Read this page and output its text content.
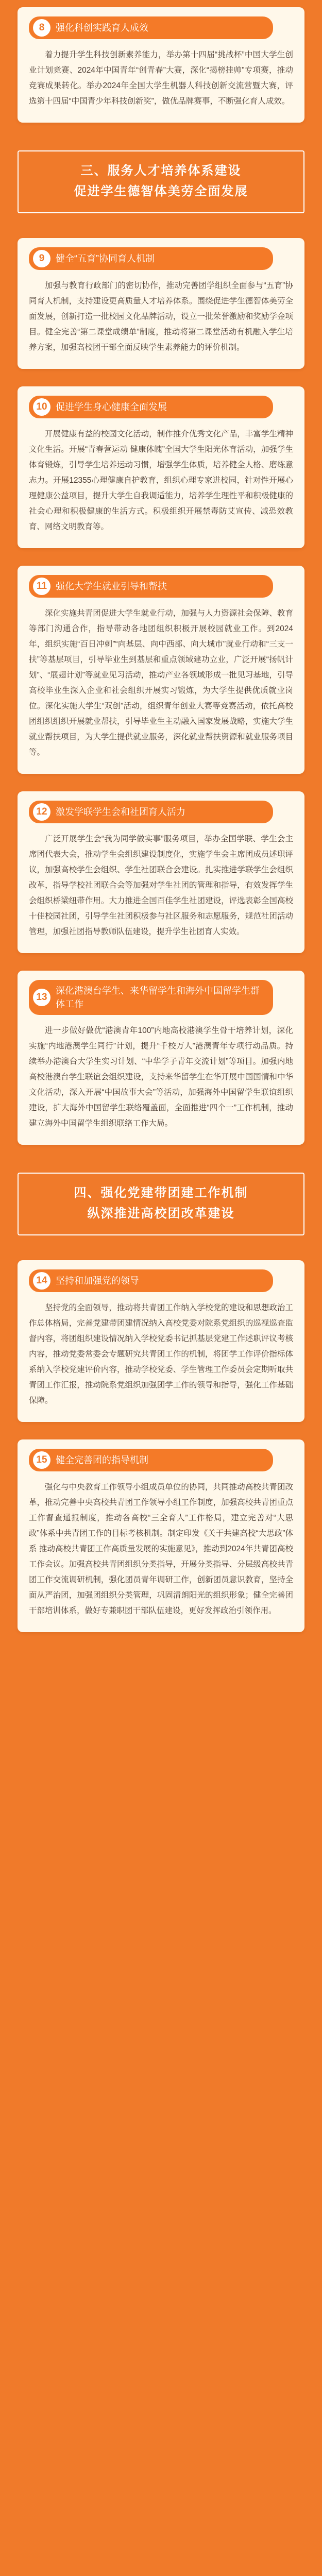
8	强化科创实践育人成效

着力提升学生科技创新素养能力，举办第十四届“挑战杯”中国大学生创业计划竞赛、2024年中国青年“创青春”大赛，深化“揭榜挂帅”专项赛，推动竞赛成果转化。举办2024年全国大学生机器人科技创新交流营暨大赛，评选第十四届“中国青少年科技创新奖”，做优品牌赛事，不断强化育人成效。

三、服务人才培养体系建设
促进学生德智体美劳全面发展
9	健全“五育”协同育人机制

加强与教育行政部门的密切协作，推动完善团学组织全面参与“五育”协同育人机制，支持建设更高质量人才培养体系。围绕促进学生德智体美劳全面发展，创新打造一批校园文化品牌活动，设立一批荣誉激励和奖励学金项目。健全完善“第二课堂成绩单”制度，推动将第二课堂活动有机融入学生培养方案，加强高校团干部全面反映学生素养能力的评价机制。

10 促进学生身心健康全面发展

开展健康有益的校园文化活动，制作推介优秀文化产品，丰富学生精神文化生活。开展“青春营运动 健康体魄”全国大学生阳光体育活动，加强学生体育锻炼，引导学生培养运动习惯，增强学生体质，培养健全人格、磨练意志力。开展12355心理健康自护教育，组织心理专家进校园，针对性开展心理健康公益项目，提升大学生自我调适能力，培养学生理性平和积极健康的社会心理和积极健康的生活方式。积极组织开展禁毒防艾宣传、减恐效教育、网络文明教育等。

11 强化大学生就业引导和帮扶

深化实施共青团促进大学生就业行动，加强与人力资源社会保障、教育等部门沟通合作，指导带动各地团组织积极开展校园就业工作。到2024年，组织实施“百日冲刺”“向基层、向中西部、向大城市”就业行动和“三支一扶”等基层项目，引导毕业生到基层和重点领域建功立业，广泛开展“扬帆计划”、“展翅计划”等就业见习活动，推动产业各领域形成一批见习基地，引导高校毕业生深入企业和社会组织开展实习锻炼，为大学生提供优质就业岗位。深化实施大学生“双创”活动，组织青年创业大赛等竞赛活动，依托高校团组织组织开展就业帮扶，引导毕业生主动融入国家发展战略，实施大学生就业帮扶项目，为大学生提供就业服务，深化就业帮扶资源和就业服务项目等。

12 激发学联学生会和社团育人活力

广泛开展学生会“我为同学做实事”服务项目，举办全国学联、学生会主席团代表大会，推动学生会组织建设制度化，实施学生会主席团成员述职评议，加强高校学生会组织、学生社团联合会建设。扎实推进学联学生会组织改革，指导学校社团联合会等加强对学生社团的管理和指导，有效发挥学生会组织桥梁纽带作用。大力推进全国百佳学生社团建设，评选表彰全国高校十佳校园社团，引导学生社团积极参与社区服务和志愿服务，规范社团活动管理，加强社团指导教师队伍建设，提升学生社团育人实效。

13
深化港澳台学生、来华留学生和海外中国留学生群体工作

进一步做好做优“港澳青年100”内地高校港澳学生骨干培养计划，深化实施“内地港澳学生同行”计划，提升“千校万人”港澳青年专项行动品质。持续举办港澳台大学生实习计划、“中华学子青年交流计划”等项目。加强内地高校港澳台学生联谊会组织建设，支持来华留学生在华开展中国国情和中华文化活动，深入开展“中国故事大会”等活动，加强海外中国留学生联谊组织建设，扩大海外中国留学生联络覆盖面，全面推进“四个一”工作机制，推动建立海外中国留学生组织联络工作大局。

四、强化党建带团建工作机制
纵深推进高校团改革建设
14 坚持和加强党的领导

坚持党的全面领导，推动将共青团工作纳入学校党的建设和思想政治工作总体格局，完善党建带团建情况纳入高校党委对院系党组织的巡视巡查监督内容，将团组织建设情况纳入学校党委书记抓基层党建工作述职评议考核内容，推动党委常委会专题研究共青团工作的机制，将团学工作评价指标体系纳入学校党建评价内容，推动学校党委、学生管理工作委员会定期听取共青团工作汇报，推动院系党组织加强团学工作的领导和指导，强化工作基础保障。

15 健全完善团的指导机制

强化与中央教育工作领导小组成员单位的协同，共同推动高校共青团改革，推动完善中央高校共青团工作领导小组工作制度，加强高校共青团重点工作督查通报制度，推动各高校“三全育人”工作格局，建立完善对“大思政”体系中共青团工作的目标考核机制。制定印发《关于共建高校“大思政”体系 推动高校共青团工作高质量发展的实施意见》，推动到2024年共青团高校工作会议。加强高校共青团组织分类指导，开展分类指导、分层级高校共青团工作交流调研机制，强化团员青年调研工作，创新团员意识教育，坚持全面从严治团，加强团组织分类管理，巩固清朗阳光的组织形象；健全完善团干部培训体系，做好专兼职团干部队伍建设，更好发挥政治引领作用。
